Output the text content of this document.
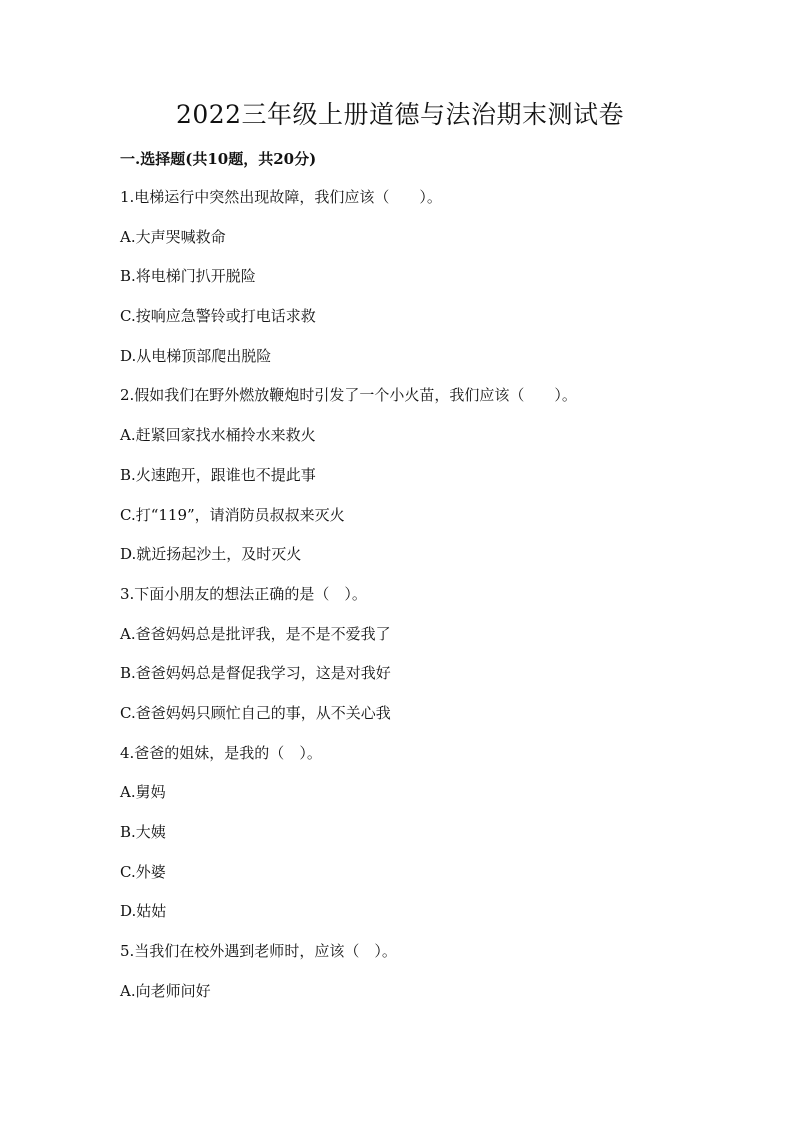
2022三年级上册道德与法治期末测试卷
一.选择题(共10题，共20分)
1.电梯运行中突然出现故障，我们应该（　　）。
A.大声哭喊救命
B.将电梯门扒开脱险
C.按响应急警铃或打电话求救
D.从电梯顶部爬出脱险
2.假如我们在野外燃放鞭炮时引发了一个小火苗，我们应该（　　）。
A.赶紧回家找水桶拎水来救火
B.火速跑开，跟谁也不提此事
C.打“119”，请消防员叔叔来灭火
D.就近扬起沙土，及时灭火
3.下面小朋友的想法正确的是（　）。
A.爸爸妈妈总是批评我，是不是不爱我了
B.爸爸妈妈总是督促我学习，这是对我好
C.爸爸妈妈只顾忙自己的事，从不关心我
4.爸爸的姐妹，是我的（　）。
A.舅妈
B.大姨
C.外婆
D.姑姑
5.当我们在校外遇到老师时，应该（　）。
A.向老师问好
